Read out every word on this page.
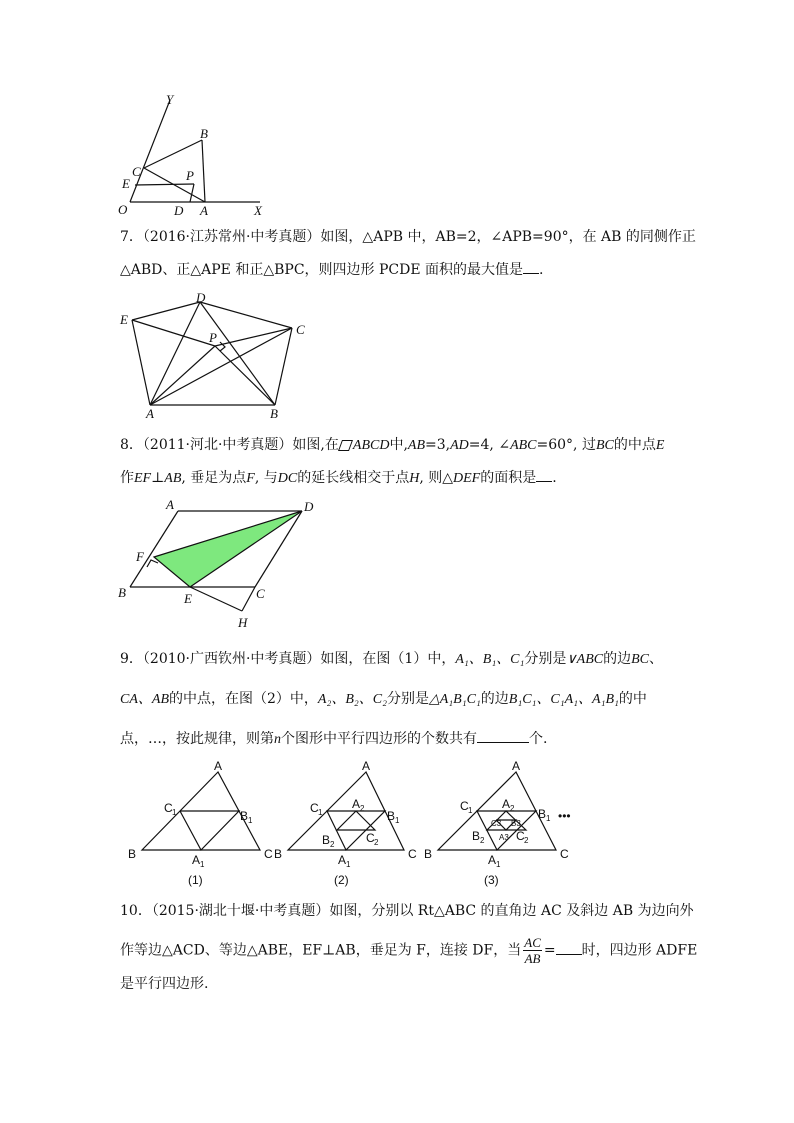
Y
B
C	P
E
O	D A	X
7．（2016·江苏常州·中考真题）如图，△APB 中，AB=2，∠APB=90°，在 AB 的同侧作正
△ABD、正△APE 和正△BPC，则四边形 PCDE 面积的最大值是 .
D
E
P
C
A	B
8．（2011·河北·中考真题）如图,在 ABCD中,AB=3,AD=4, ∠ABC=60°, 过BC的中点E
作EF⊥AB, 垂足为点F, 与DC的延长线相交于点H, 则△DEF的面积是 .
A	D
F
B	E	C
H
9．（2010·广西钦州·中考真题）如图，在图（1）中，A₁、B₁、C₁分别是∨ABC的边BC、
CA、AB的中点，在图（2）中，A₂、B₂、C₂分别是△A₁B₁C₁的边B₁C₁、C₁A₁、A₁B₁的中
点，…，按此规律，则第n个图形中平行四边形的个数共有	个.
A
B	C
C 1	B 1
A 1
(1)
A
B	C
C 1	B 1
A 1
A 2
B 2	C 2
(2)
A
B	C
C 1	B 1
A 1
A 2
B 2	C 2
C3 B3
A3
•••
(3)
10．（2015·湖北十堰·中考真题）如图，分别以 Rt△ABC 的直角边 AC 及斜边 AB 为边向外
作等边△ACD、等边△ABE，EF⊥AB，垂足为 F，连接 DF，当 $\frac{AC}{AB}$ = 时，四边形 ADFE
是平行四边形.
